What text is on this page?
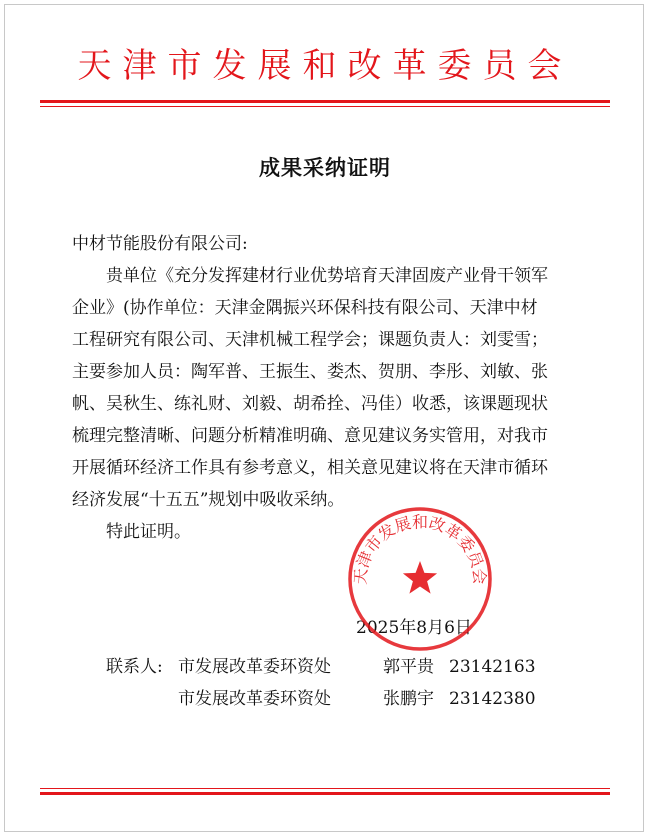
天津市发展和改革委员会
成果采纳证明
中材节能股份有限公司:
贵单位《充分发挥建材行业优势培育天津固废产业骨干领军
企业》(协作单位：天津金隅振兴环保科技有限公司、天津中材
工程研究有限公司、天津机械工程学会；课题负责人：刘雯雪；
主要参加人员：陶军普、王振生、娄杰、贺朋、李彤、刘敏、张
帆、吴秋生、练礼财、刘毅、胡希拴、冯佳）收悉，该课题现状
梳理完整清晰、问题分析精准明确、意见建议务实管用，对我市
开展循环经济工作具有参考意义，相关意见建议将在天津市循环
经济发展“十五五”规划中吸收采纳。
特此证明。
2025年8月6日
天津市发展和改革委员会
联系人: 市发展改革委环资处	郭平贵 23142163
市发展改革委环资处	张鹏宇 23142380
